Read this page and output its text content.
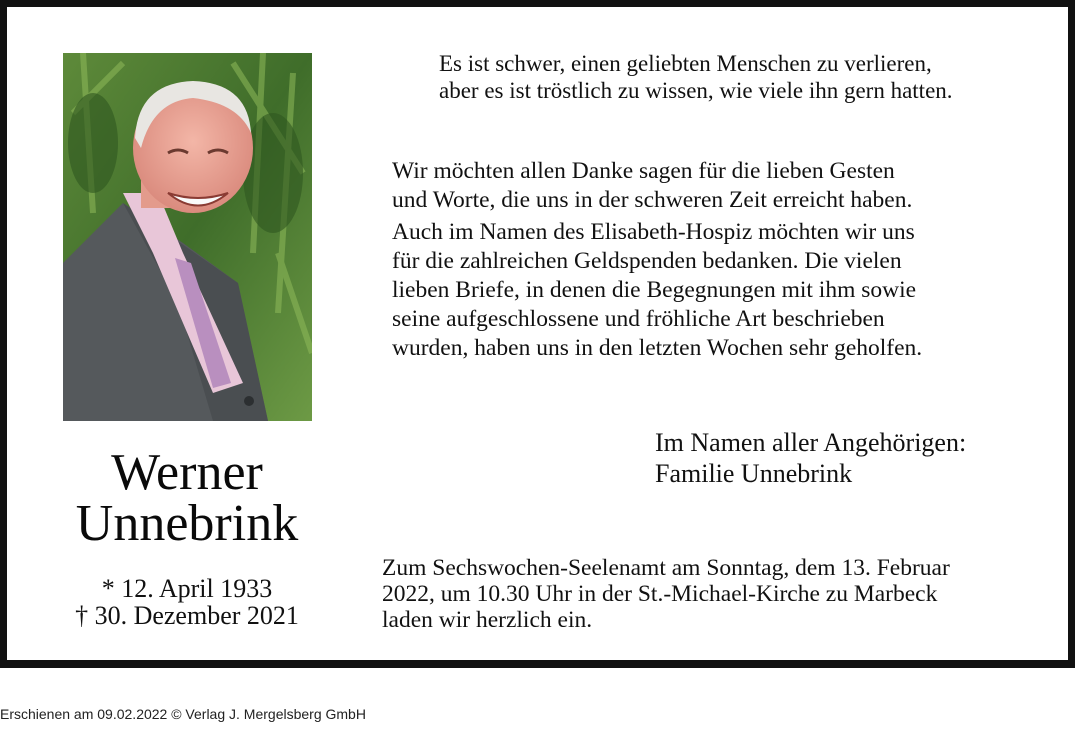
Werner
Unnebrink
* 12. April 1933
† 30. Dezember 2021
Es ist schwer, einen geliebten Menschen zu verlieren,
aber es ist tröstlich zu wissen, wie viele ihn gern hatten.

Wir möchten allen Danke sagen für die lieben Gesten
und Worte, die uns in der schweren Zeit erreicht haben.

Auch im Namen des Elisabeth-Hospiz möchten wir uns
für die zahlreichen Geldspenden bedanken. Die vielen
lieben Briefe, in denen die Begegnungen mit ihm sowie
seine aufgeschlossene und fröhliche Art beschrieben
wurden, haben uns in den letzten Wochen sehr geholfen.

Im Namen aller Angehörigen:
Familie Unnebrink
Zum Sechswochen-Seelenamt am Sonntag, dem 13. Februar
2022, um 10.30 Uhr in der St.-Michael-Kirche zu Marbeck
laden wir herzlich ein.
Erschienen am 09.02.2022 © Verlag J. Mergelsberg GmbH
